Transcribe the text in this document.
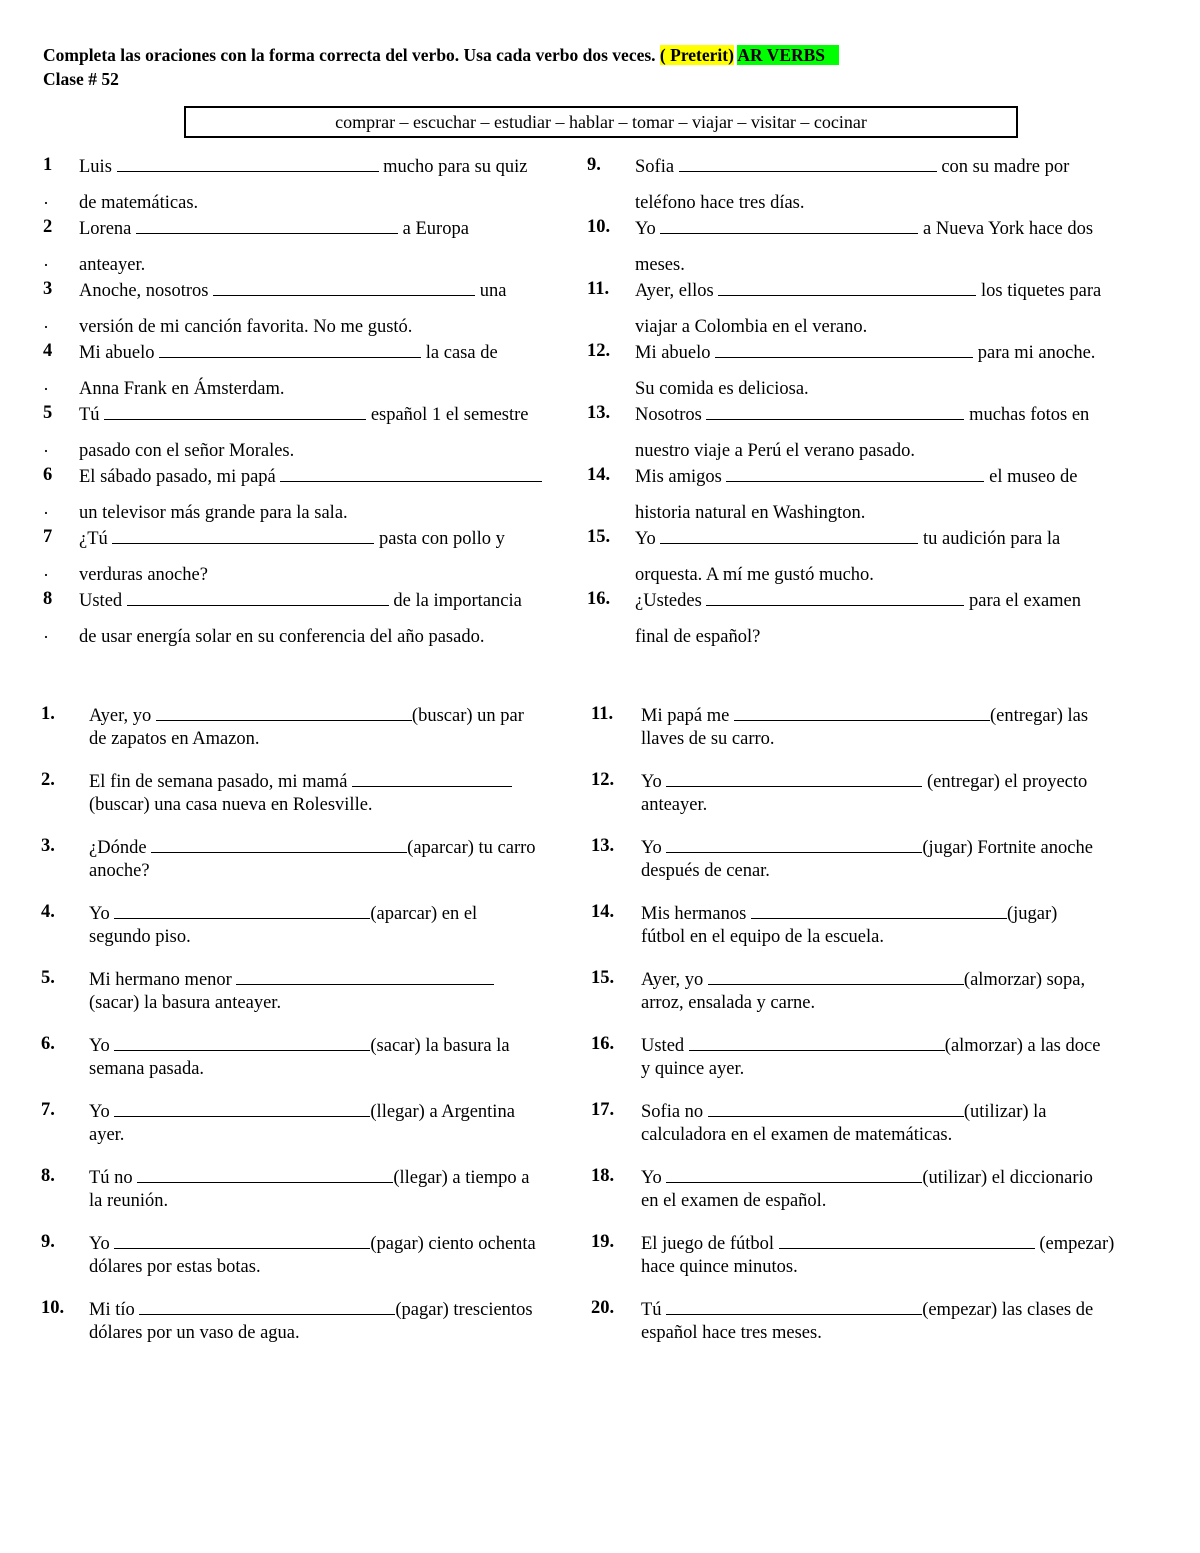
Completa las oraciones con la forma correcta del verbo. Usa cada verbo dos veces. ( Preterit) AR VERBS
Clase # 52
comprar – escuchar – estudiar – hablar – tomar – viajar – visitar – cocinar
1 Luis	mucho para su quiz
de matemáticas.
·
2 Lorena	a Europa
anteayer.
·
3 Anoche, nosotros	una
versión de mi canción favorita. No me gustó.
·
4 Mi abuelo	la casa de
Anna Frank en Ámsterdam.
·
5 Tú	español 1 el semestre
pasado con el señor Morales.
·
6 El sábado pasado, mi papá
un televisor más grande para la sala.
·
7 ¿Tú	pasta con pollo y
verduras anoche?
·
8 Usted	de la importancia
de usar energía solar en su conferencia del año pasado.
·
9. Sofia	con su madre por
teléfono hace tres días.
10. Yo	a Nueva York hace dos
meses.
11. Ayer, ellos	los tiquetes para
viajar a Colombia en el verano.
12. Mi abuelo	para mi anoche.
Su comida es deliciosa.
13. Nosotros	muchas fotos en
nuestro viaje a Perú el verano pasado.
14. Mis amigos	el museo de
historia natural en Washington.
15. Yo	tu audición para la
orquesta. A mí me gustó mucho.
16. ¿Ustedes	para el examen
final de español?
1. Ayer, yo	(buscar) un par
de zapatos en Amazon.
2. El fin de semana pasado, mi mamá
(buscar) una casa nueva en Rolesville.
3. ¿Dónde	(aparcar) tu carro
anoche?
4. Yo	(aparcar) en el
segundo piso.
5. Mi hermano menor
(sacar) la basura anteayer.
6. Yo	(sacar) la basura la
semana pasada.
7. Yo	(llegar) a Argentina
ayer.
8. Tú no	(llegar) a tiempo a
la reunión.
9. Yo	(pagar) ciento ochenta
dólares por estas botas.
10. Mi tío	(pagar) trescientos
dólares por un vaso de agua.
11. Mi papá me	(entregar) las
llaves de su carro.
12. Yo	(entregar) el proyecto
anteayer.
13. Yo	(jugar) Fortnite anoche
después de cenar.
14. Mis hermanos	(jugar)
fútbol en el equipo de la escuela.
15. Ayer, yo	(almorzar) sopa,
arroz, ensalada y carne.
16. Usted	(almorzar) a las doce
y quince ayer.
17. Sofia no	(utilizar) la
calculadora en el examen de matemáticas.
18. Yo	(utilizar) el diccionario
en el examen de español.
19. El juego de fútbol	(empezar)
hace quince minutos.
20. Tú	(empezar) las clases de
español hace tres meses.
